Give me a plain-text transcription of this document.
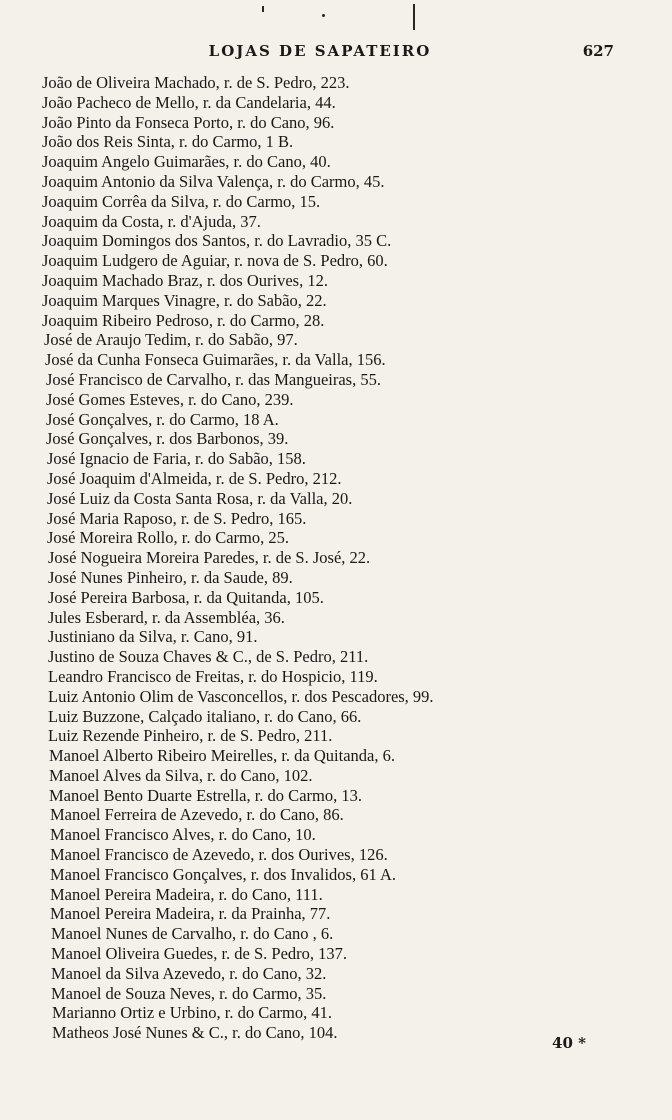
LOJAS DE SAPATEIRO	627
João de Oliveira Machado, r. de S. Pedro, 223.
João Pacheco de Mello, r. da Candelaria, 44.
João Pinto da Fonseca Porto, r. do Cano, 96.
João dos Reis Sinta, r. do Carmo, 1 B.
Joaquim Angelo Guimarães, r. do Cano, 40.
Joaquim Antonio da Silva Valença, r. do Carmo, 45.
Joaquim Corrêa da Silva, r. do Carmo, 15.
Joaquim da Costa, r. d'Ajuda, 37.
Joaquim Domingos dos Santos, r. do Lavradio, 35 C.
Joaquim Ludgero de Aguiar, r. nova de S. Pedro, 60.
Joaquim Machado Braz, r. dos Ourives, 12.
Joaquim Marques Vinagre, r. do Sabão, 22.
Joaquim Ribeiro Pedroso, r. do Carmo, 28.
José de Araujo Tedim, r. do Sabão, 97.
José da Cunha Fonseca Guimarães, r. da Valla, 156.
José Francisco de Carvalho, r. das Mangueiras, 55.
José Gomes Esteves, r. do Cano, 239.
José Gonçalves, r. do Carmo, 18 A.
José Gonçalves, r. dos Barbonos, 39.
José Ignacio de Faria, r. do Sabão, 158.
José Joaquim d'Almeida, r. de S. Pedro, 212.
José Luiz da Costa Santa Rosa, r. da Valla, 20.
José Maria Raposo, r. de S. Pedro, 165.
José Moreira Rollo, r. do Carmo, 25.
José Nogueira Moreira Paredes, r. de S. José, 22.
José Nunes Pinheiro, r. da Saude, 89.
José Pereira Barbosa, r. da Quitanda, 105.
Jules Esberard, r. da Assembléa, 36.
Justiniano da Silva, r. Cano, 91.
Justino de Souza Chaves & C., de S. Pedro, 211.
Leandro Francisco de Freitas, r. do Hospicio, 119.
Luiz Antonio Olim de Vasconcellos, r. dos Pescadores, 99.
Luiz Buzzone, Calçado italiano, r. do Cano, 66.
Luiz Rezende Pinheiro, r. de S. Pedro, 211.
Manoel Alberto Ribeiro Meirelles, r. da Quitanda, 6.
Manoel Alves da Silva, r. do Cano, 102.
Manoel Bento Duarte Estrella, r. do Carmo, 13.
Manoel Ferreira de Azevedo, r. do Cano, 86.
Manoel Francisco Alves, r. do Cano, 10.
Manoel Francisco de Azevedo, r. dos Ourives, 126.
Manoel Francisco Gonçalves, r. dos Invalidos, 61 A.
Manoel Pereira Madeira, r. do Cano, 111.
Manoel Pereira Madeira, r. da Prainha, 77.
Manoel Nunes de Carvalho, r. do Cano , 6.
Manoel Oliveira Guedes, r. de S. Pedro, 137.
Manoel da Silva Azevedo, r. do Cano, 32.
Manoel de Souza Neves, r. do Carmo, 35.
Marianno Ortiz e Urbino, r. do Carmo, 41.
Matheos José Nunes & C., r. do Cano, 104.
40 *
